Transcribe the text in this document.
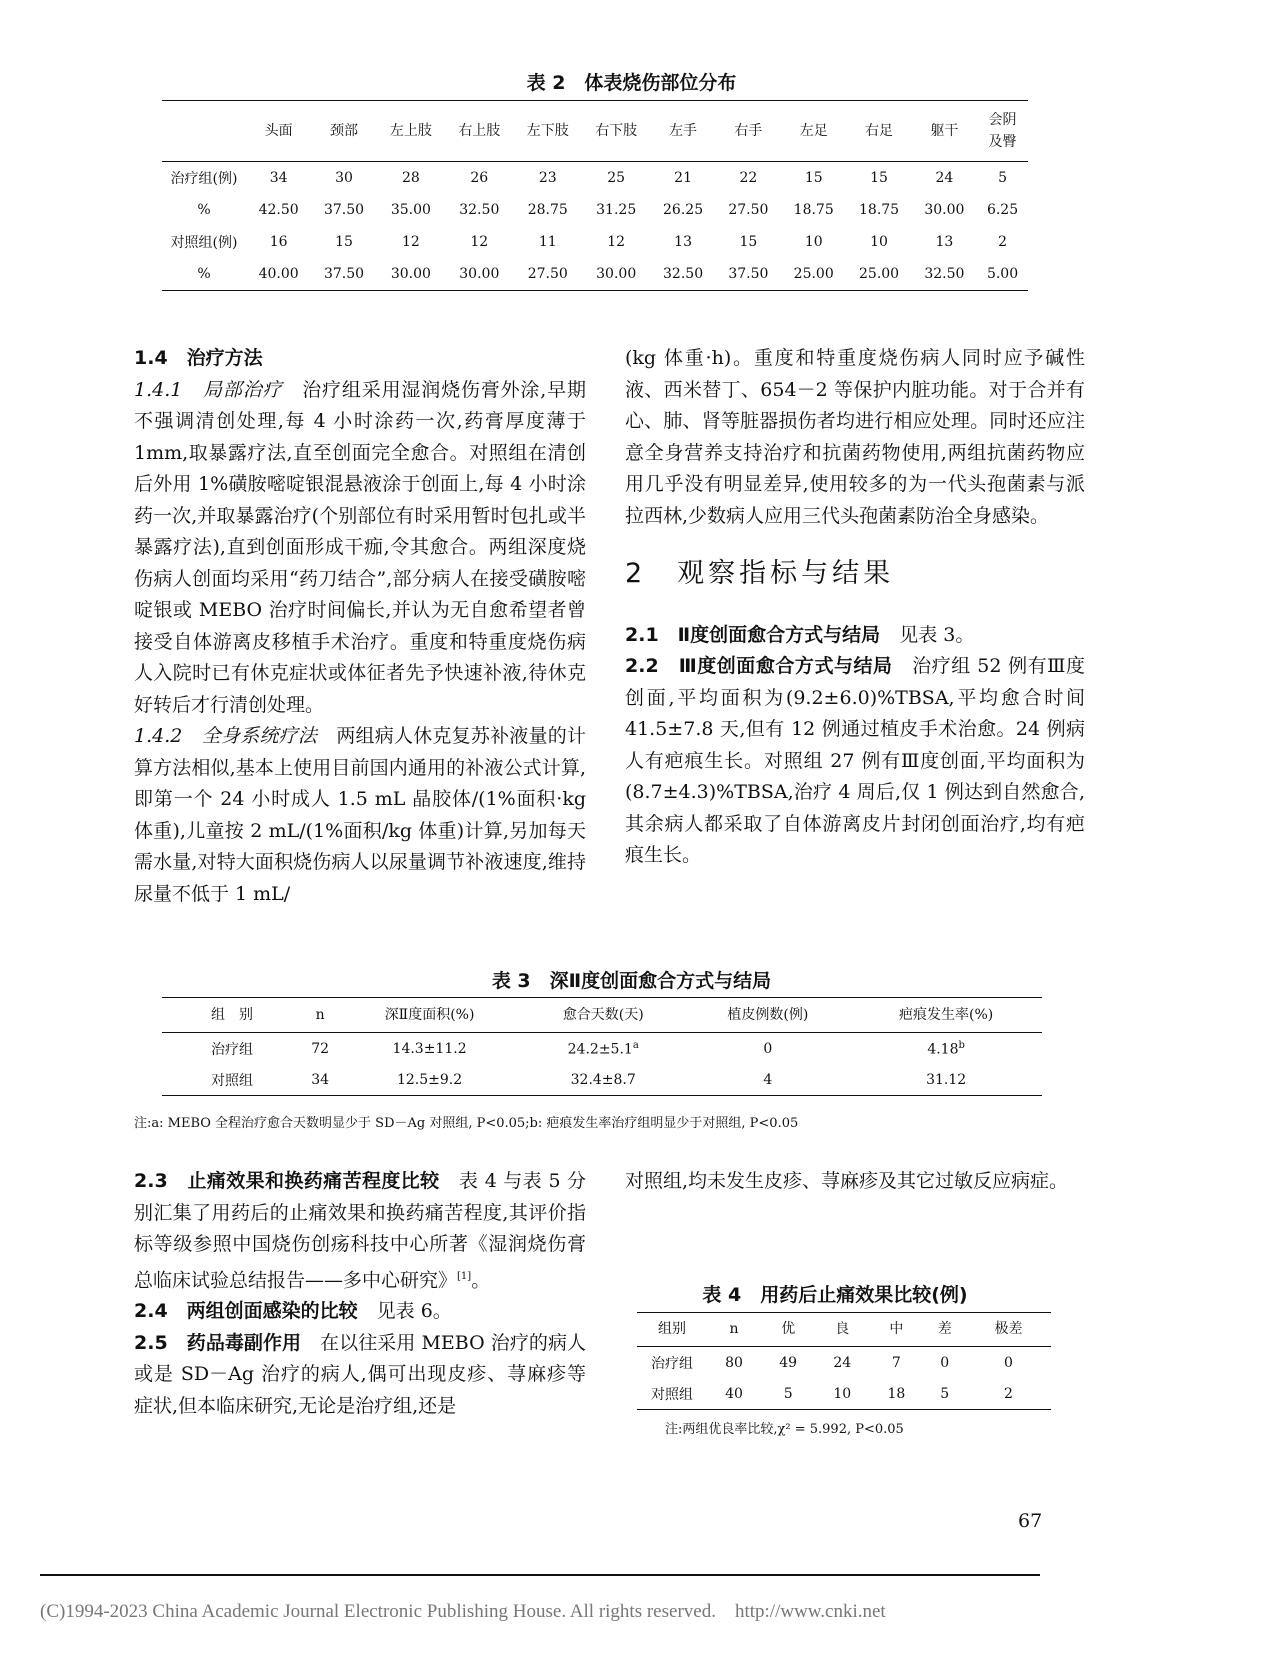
表 2　体表烧伤部位分布
	头面	颈部	左上肢	右上肢	左下肢	右下肢	左手	右手	左足	右足	躯干	会阴
及臀
治疗组(例)	34	30	28	26	23	25	21	22	15	15	24	5
%	42.50	37.50	35.00	32.50	28.75	31.25	26.25	27.50	18.75	18.75	30.00	6.25
对照组(例)	16	15	12	12	11	12	13	15	10	10	13	2
%	40.00	37.50	30.00	30.00	27.50	30.00	32.50	37.50	25.00	25.00	32.50	5.00

1.4　治疗方法

1.4.1　局部治疗　治疗组采用湿润烧伤膏外涂,早期不强调清创处理,每 4 小时涂药一次,药膏厚度薄于 1mm,取暴露疗法,直至创面完全愈合。对照组在清创后外用 1%磺胺嘧啶银混悬液涂于创面上,每 4 小时涂药一次,并取暴露治疗(个别部位有时采用暂时包扎或半暴露疗法),直到创面形成干痂,令其愈合。两组深度烧伤病人创面均采用“药刀结合”,部分病人在接受磺胺嘧啶银或 MEBO 治疗时间偏长,并认为无自愈希望者曾接受自体游离皮移植手术治疗。重度和特重度烧伤病人入院时已有休克症状或体征者先予快速补液,待休克好转后才行清创处理。

1.4.2　全身系统疗法　两组病人休克复苏补液量的计算方法相似,基本上使用目前国内通用的补液公式计算,即第一个 24 小时成人 1.5 mL 晶胶体/(1%面积·kg 体重),儿童按 2 mL/(1%面积/kg 体重)计算,另加每天需水量,对特大面积烧伤病人以尿量调节补液速度,维持尿量不低于 1 mL/

(kg 体重·h)。重度和特重度烧伤病人同时应予碱性液、西米替丁、654－2 等保护内脏功能。对于合并有心、肺、肾等脏器损伤者均进行相应处理。同时还应注意全身营养支持治疗和抗菌药物使用,两组抗菌药物应用几乎没有明显差异,使用较多的为一代头孢菌素与派拉西林,少数病人应用三代头孢菌素防治全身感染。

2　观察指标与结果

2.1　Ⅱ度创面愈合方式与结局　见表 3。

2.2　Ⅲ度创面愈合方式与结局　治疗组 52 例有Ⅲ度创面,平均面积为(9.2±6.0)%TBSA,平均愈合时间 41.5±7.8 天,但有 12 例通过植皮手术治愈。24 例病人有疤痕生长。对照组 27 例有Ⅲ度创面,平均面积为(8.7±4.3)%TBSA,治疗 4 周后,仅 1 例达到自然愈合,其余病人都采取了自体游离皮片封闭创面治疗,均有疤痕生长。

表 3　深Ⅱ度创面愈合方式与结局
组　别	n	深Ⅱ度面积(%)	愈合天数(天)	植皮例数(例)	疤痕发生率(%)
治疗组	72	14.3±11.2	24.2±5.1$^a$	0	4.18$^b$
对照组	34	12.5±9.2	32.4±8.7	4	31.12
注:a: MEBO 全程治疗愈合天数明显少于 SD－Ag 对照组, P<0.05;b: 疤痕发生率治疗组明显少于对照组, P<0.05

2.3　止痛效果和换药痛苦程度比较　表 4 与表 5 分别汇集了用药后的止痛效果和换药痛苦程度,其评价指标等级参照中国烧伤创疡科技中心所著《湿润烧伤膏总临床试验总结报告——多中心研究》[1]。

2.4　两组创面感染的比较　见表 6。

2.5　药品毒副作用　在以往采用 MEBO 治疗的病人或是 SD－Ag 治疗的病人,偶可出现皮疹、荨麻疹等症状,但本临床研究,无论是治疗组,还是

对照组,均未发生皮疹、荨麻疹及其它过敏反应病症。

表 4　用药后止痛效果比较(例)
组别	n	优	良	中	差	极差
治疗组	80	49	24	7	0	0
对照组	40	5	10	18	5	2
注:两组优良率比较,χ² = 5.992, P<0.05
67
(C)1994-2023 China Academic Journal Electronic Publishing House. All rights reserved.　http://www.cnki.net
